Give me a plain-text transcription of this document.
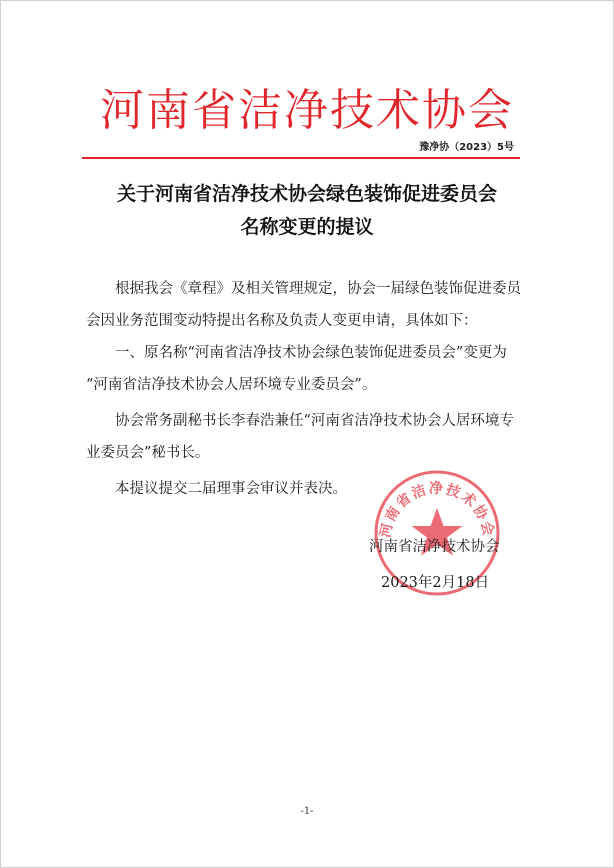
河南省洁净技术协会
豫净协（2023）5号
关于河南省洁净技术协会绿色装饰促进委员会
名称变更的提议
根据我会《章程》及相关管理规定，协会一届绿色装饰促进委员
会因业务范围变动特提出名称及负责人变更申请，具体如下：
一、原名称“河南省洁净技术协会绿色装饰促进委员会”变更为
“河南省洁净技术协会人居环境专业委员会”。
协会常务副秘书长李春浩兼任“河南省洁净技术协会人居环境专
业委员会”秘书长。
本提议提交二届理事会审议并表决。
河南省洁净技术协会
河南省洁净技术协会
2023年2月18日
-1-
